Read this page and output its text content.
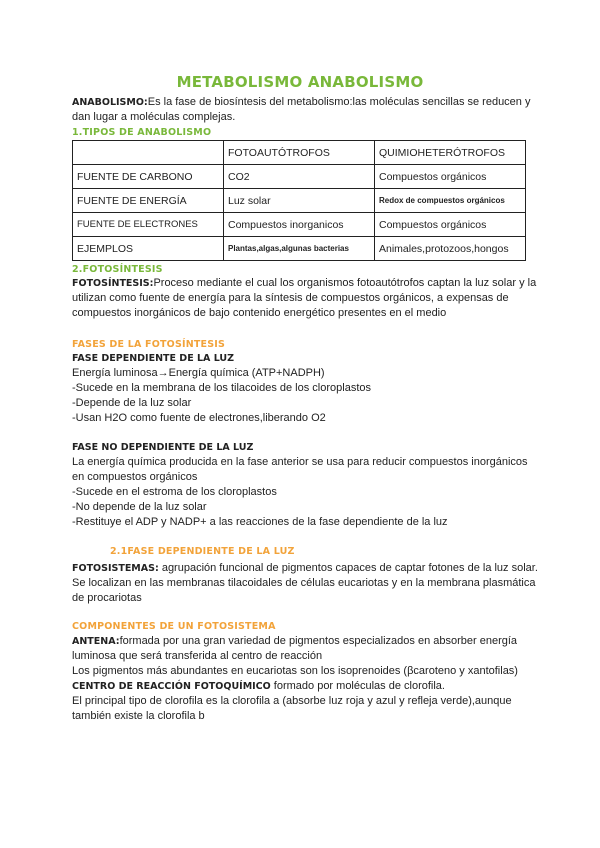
METABOLISMO ANABOLISMO
ANABOLISMO:Es la fase de biosíntesis del metabolismo:las moléculas sencillas se reducen y dan lugar a moléculas complejas.
1.TIPOS DE ANABOLISMO
	FOTOAUTÓTROFOS	QUIMIOHETERÓTROFOS
FUENTE DE CARBONO	CO2	Compuestos orgánicos
FUENTE DE ENERGÍA	Luz solar	Redox de compuestos orgánicos
FUENTE DE ELECTRONES	Compuestos inorganicos	Compuestos orgánicos
EJEMPLOS	Plantas,algas,algunas bacterias	Animales,protozoos,hongos
2.FOTOSÍNTESIS
FOTOSÍNTESIS:Proceso mediante el cual los organismos fotoautótrofos captan la luz solar y la utilizan como fuente de energía para la síntesis de compuestos orgánicos, a expensas de compuestos inorgánicos de bajo contenido energético presentes en el medio
FASES DE LA FOTOSÍNTESIS
FASE DEPENDIENTE DE LA LUZ
Energía luminosa→Energía química (ATP+NADPH)
-Sucede en la membrana de los tilacoides de los cloroplastos
-Depende de la luz solar
-Usan H2O como fuente de electrones,liberando O2
FASE NO DEPENDIENTE DE LA LUZ
La energía química producida en la fase anterior se usa para reducir compuestos inorgánicos en compuestos orgánicos
-Sucede en el estroma de los cloroplastos
-No depende de la luz solar
-Restituye el ADP y NADP+ a las reacciones de la fase dependiente de la luz
2.1FASE DEPENDIENTE DE LA LUZ
FOTOSISTEMAS: agrupación funcional de pigmentos capaces de captar fotones de la luz solar. Se localizan en las membranas tilacoidales de células eucariotas y en la membrana plasmática de procariotas
COMPONENTES DE UN FOTOSISTEMA
ANTENA:formada por una gran variedad de pigmentos especializados en absorber energía luminosa que será transferida al centro de reacción
Los pigmentos más abundantes en eucariotas son los isoprenoides (βcaroteno y xantofilas)
CENTRO DE REACCIÓN FOTOQUÍMICO formado por moléculas de clorofila.
El principal tipo de clorofila es la clorofila a (absorbe luz roja y azul y refleja verde),aunque también existe la clorofila b
